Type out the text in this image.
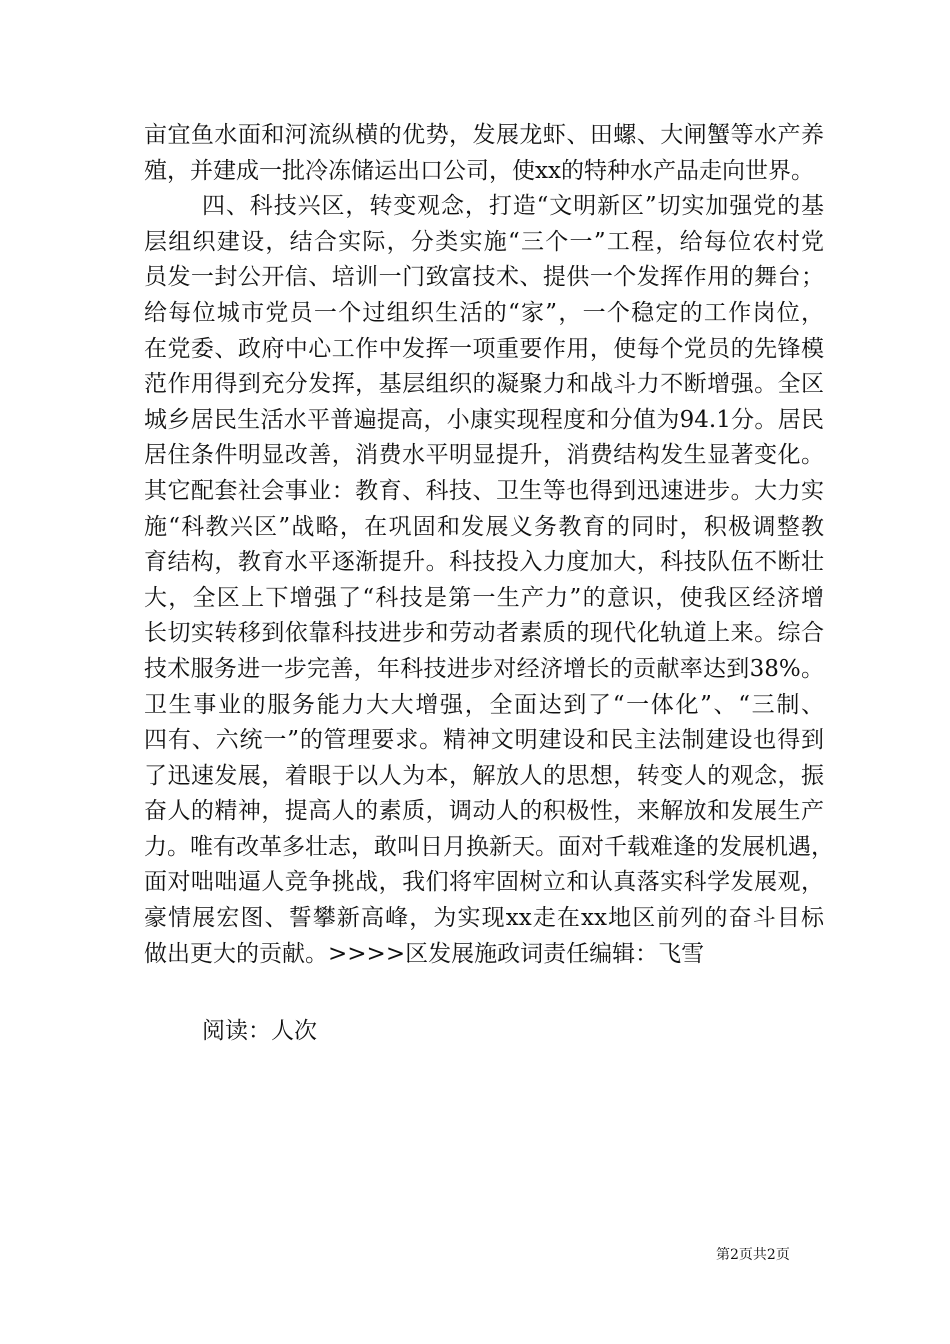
亩宜鱼水面和河流纵横的优势，发展龙虾、田螺、大闸蟹等水产养
殖，并建成一批冷冻储运出口公司，使xx的特种水产品走向世界。
四、科技兴区，转变观念，打造“文明新区”切实加强党的基
层组织建设，结合实际，分类实施“三个一”工程，给每位农村党
员发一封公开信、培训一门致富技术、提供一个发挥作用的舞台；
给每位城市党员一个过组织生活的“家”，一个稳定的工作岗位，
在党委、政府中心工作中发挥一项重要作用，使每个党员的先锋模
范作用得到充分发挥，基层组织的凝聚力和战斗力不断增强。全区
城乡居民生活水平普遍提高，小康实现程度和分值为94.1分。居民
居住条件明显改善，消费水平明显提升，消费结构发生显著变化。
其它配套社会事业：教育、科技、卫生等也得到迅速进步。大力实
施“科教兴区”战略，在巩固和发展义务教育的同时，积极调整教
育结构，教育水平逐渐提升。科技投入力度加大，科技队伍不断壮
大，全区上下增强了“科技是第一生产力”的意识，使我区经济增
长切实转移到依靠科技进步和劳动者素质的现代化轨道上来。综合
技术服务进一步完善，年科技进步对经济增长的贡献率达到38%。
卫生事业的服务能力大大增强，全面达到了“一体化”、“三制、
四有、六统一”的管理要求。精神文明建设和民主法制建设也得到
了迅速发展，着眼于以人为本，解放人的思想，转变人的观念，振
奋人的精神，提高人的素质，调动人的积极性，来解放和发展生产
力。唯有改革多壮志，敢叫日月换新天。面对千载难逢的发展机遇，
面对咄咄逼人竞争挑战，我们将牢固树立和认真落实科学发展观，
豪情展宏图、誓攀新高峰，为实现xx走在xx地区前列的奋斗目标
做出更大的贡献。>>>>区发展施政词责任编辑：飞雪
阅读：人次
第2页共2页
